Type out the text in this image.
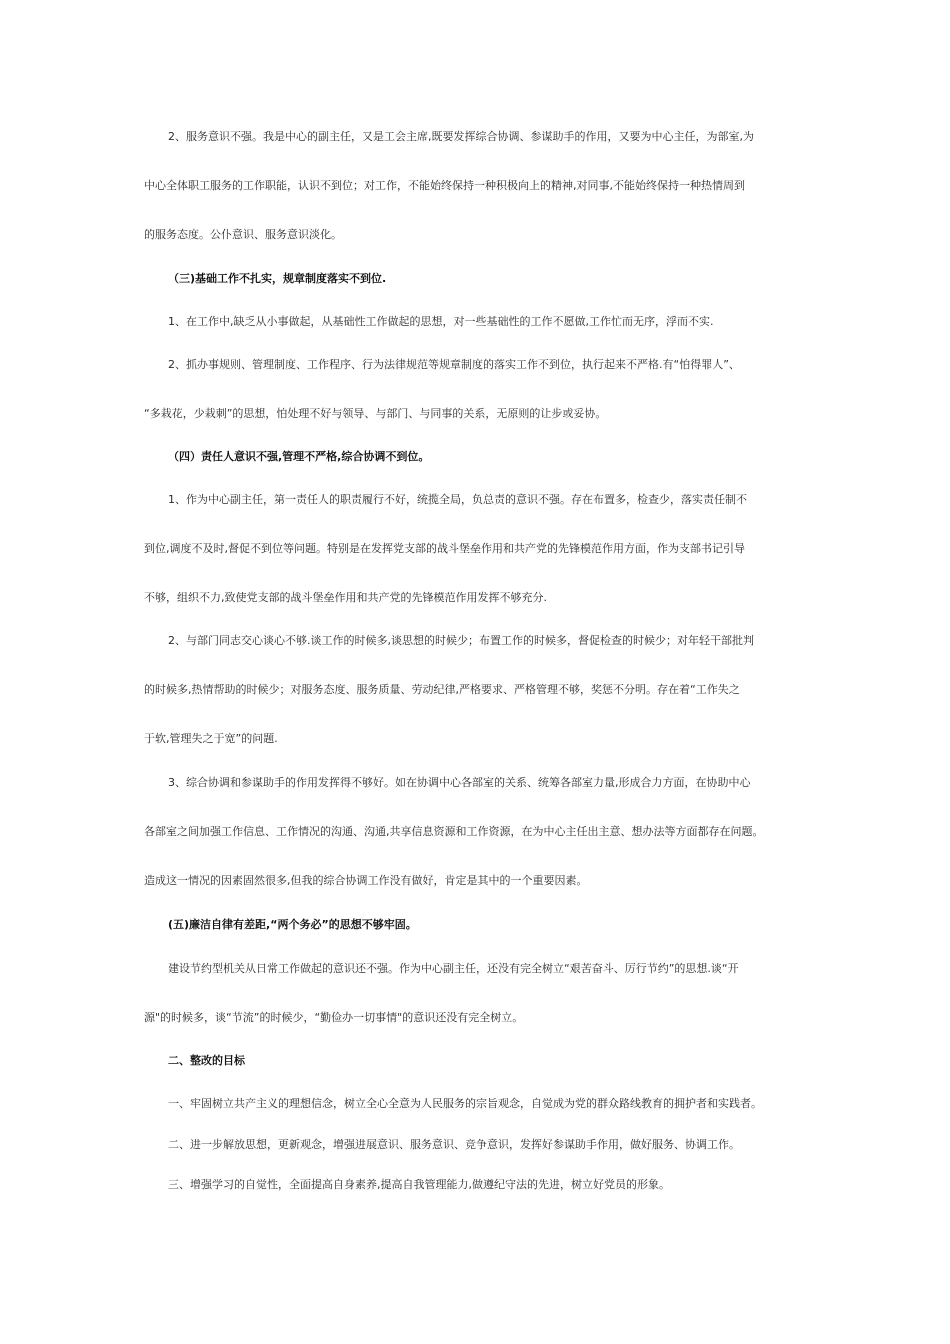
2、服务意识不强。我是中心的副主任，又是工会主席,既要发挥综合协调、参谋助手的作用，又要为中心主任，为部室,为
中心全体职工服务的工作职能，认识不到位；对工作，不能始终保持一种积极向上的精神,对同事,不能始终保持一种热情周到
的服务态度。公仆意识、服务意识淡化。
（三)基础工作不扎实，规章制度落实不到位.
1、在工作中,缺乏从小事做起，从基础性工作做起的思想，对一些基础性的工作不愿做,工作忙而无序，浮而不实.
2、抓办事规则、管理制度、工作程序、行为法律规范等规章制度的落实工作不到位，执行起来不严格.有“怕得罪人”、
“多栽花，少栽刺”的思想，怕处理不好与领导、与部门、与同事的关系，无原则的让步或妥协。
（四）责任人意识不强,管理不严格,综合协调不到位。
1、作为中心副主任，第一责任人的职责履行不好，统揽全局，负总责的意识不强。存在布置多，检查少，落实责任制不
到位,调度不及时,督促不到位等问题。特别是在发挥党支部的战斗堡垒作用和共产党的先锋模范作用方面，作为支部书记引导
不够，组织不力,致使党支部的战斗堡垒作用和共产党的先锋模范作用发挥不够充分.
2、与部门同志交心谈心不够.谈工作的时候多,谈思想的时候少；布置工作的时候多，督促检查的时候少；对年轻干部批判
的时候多,热情帮助的时候少；对服务态度、服务质量、劳动纪律,严格要求、严格管理不够，奖惩不分明。存在着“工作失之
于软,管理失之于宽”的问题.
3、综合协调和参谋助手的作用发挥得不够好。如在协调中心各部室的关系、统筹各部室力量,形成合力方面，在协助中心
各部室之间加强工作信息、工作情况的沟通、沟通,共享信息资源和工作资源，在为中心主任出主意、想办法等方面都存在问题。
造成这一情况的因素固然很多,但我的综合协调工作没有做好，肯定是其中的一个重要因素。
(五)廉洁自律有差距,“两个务必”的思想不够牢固。
建设节约型机关从日常工作做起的意识还不强。作为中心副主任，还没有完全树立“艰苦奋斗、厉行节约”的思想.谈“开
源"的时候多，谈“节流”的时候少，“勤俭办一切事情"的意识还没有完全树立。
二、整改的目标
一、牢固树立共产主义的理想信念，树立全心全意为人民服务的宗旨观念，自觉成为党的群众路线教育的拥护者和实践者。
二、进一步解放思想，更新观念，增强进展意识、服务意识、竞争意识，发挥好参谋助手作用，做好服务、协调工作。
三、增强学习的自觉性，全面提高自身素养,提高自我管理能力,做遵纪守法的先进，树立好党员的形象。
